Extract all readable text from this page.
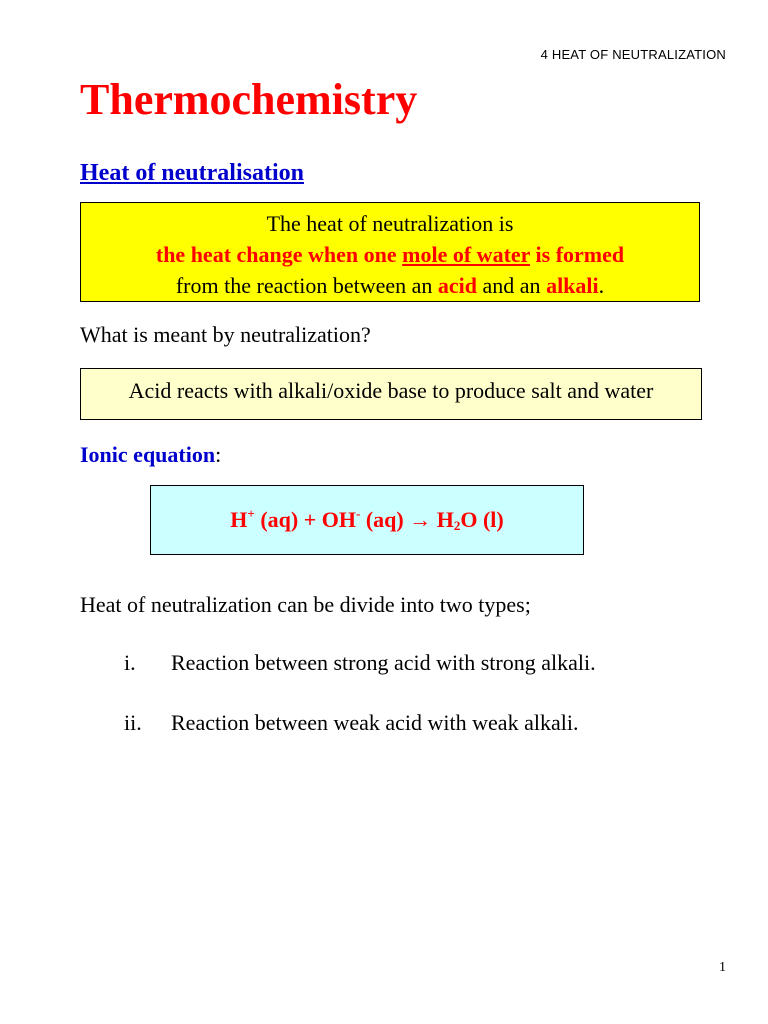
4 HEAT OF NEUTRALIZATION
Thermochemistry
Heat of neutralisation
The heat of neutralization is
the heat change when one mole of water is formed
from the reaction between an acid and an alkali.

What is meant by neutralization?

Acid reacts with alkali/oxide base to produce salt and water

Ionic equation:

H+ (aq) + OH- $(aq) \to H_2O$ (l)

Heat of neutralization can be divide into two types;

i. Reaction between strong acid with strong alkali.
ii. Reaction between weak acid with weak alkali.
1
